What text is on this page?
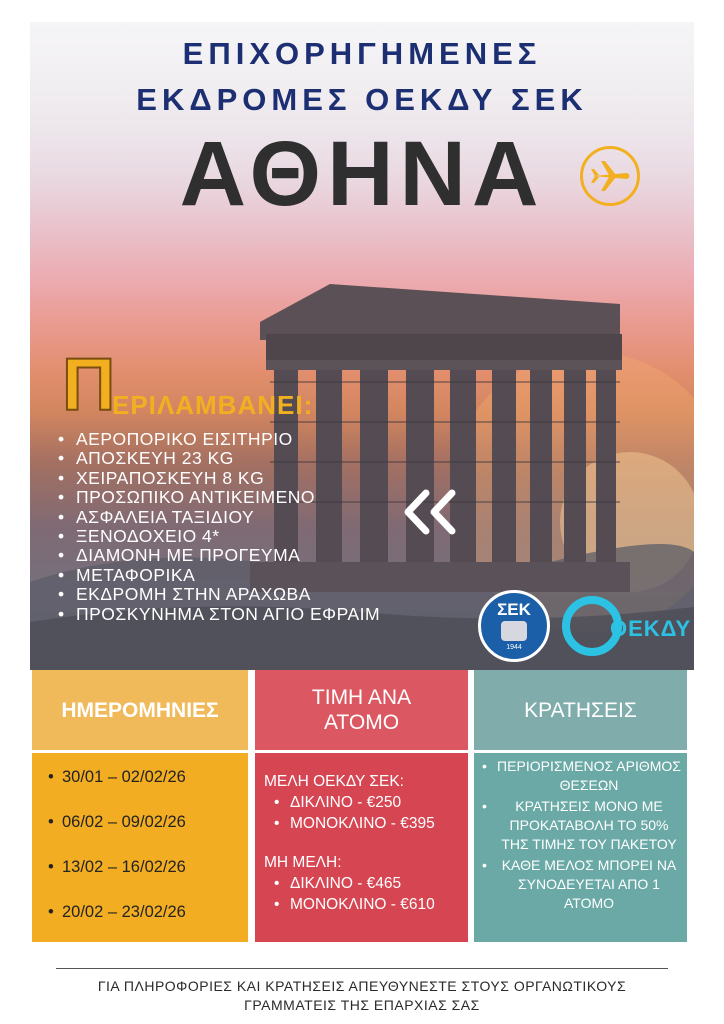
ΕΠΙΧΟΡΗΓΗΜΕΝΕΣ
ΕΚΔΡΟΜΕΣ ΟΕΚΔΥ ΣΕΚ
ΑΘΗΝΑ
Π
ΕΡΙΛΑΜΒΑΝΕΙ:
• ΑΕΡΟΠΟΡΙΚΟ ΕΙΣΙΤΗΡΙΟ
• ΑΠΟΣΚΕΥΗ 23 KG
• ΧΕΙΡΑΠΟΣΚΕΥΗ 8 KG
• ΠΡΟΣΩΠΙΚΟ ΑΝΤΙΚΕΙΜΕΝΟ
• ΑΣΦΑΛΕΙΑ ΤΑΞΙΔΙΟΥ
• ΞΕΝΟΔΟΧΕΙΟ 4*
• ΔΙΑΜΟΝΗ ΜΕ ΠΡΟΓΕΥΜΑ
• ΜΕΤΑΦΟΡΙΚΑ
• ΕΚΔΡΟΜΗ ΣΤΗΝ ΑΡΑΧΩΒΑ
• ΠΡΟΣΚΥΝΗΜΑ ΣΤΟΝ ΑΓΙΟ ΕΦΡΑΙΜ	ΣΕΚ
1944
ΟΕΚΔΥ
ΗΜΕΡΟΜΗΝΙΕΣ
ΤΙΜΗ ΑΝΑ
ΑΤΟΜΟ
ΚΡΑΤΗΣΕΙΣ
• 30/01 – 02/02/26
• 06/02 – 09/02/26
• 13/02 – 16/02/26
• 20/02 – 23/02/26
ΜΕΛΗ ΟΕΚΔΥ ΣΕΚ:
• ΔΙΚΛΙΝΟ - €250
• ΜΟΝΟΚΛΙΝΟ - €395
ΜΗ ΜΕΛΗ:
• ΔΙΚΛΙΝΟ - €465
• ΜΟΝΟΚΛΙΝΟ - €610
• ΠΕΡΙΟΡΙΣΜΕΝΟΣ ΑΡΙΘΜΟΣ ΘΕΣΕΩΝ
• ΚΡΑΤΗΣΕΙΣ ΜΟΝΟ ΜΕ ΠΡΟΚΑΤΑΒΟΛΗ ΤΟ 50% ΤΗΣ ΤΙΜΗΣ ΤΟΥ ΠΑΚΕΤΟΥ
• ΚΑΘΕ ΜΕΛΟΣ ΜΠΟΡΕΙ ΝΑ ΣΥΝΟΔΕΥΕΤΑΙ ΑΠΟ 1 ΑΤΟΜΟ
ΓΙΑ ΠΛΗΡΟΦΟΡΙΕΣ ΚΑΙ ΚΡΑΤΗΣΕΙΣ ΑΠΕΥΘΥΝΕΣΤΕ ΣΤΟΥΣ ΟΡΓΑΝΩΤΙΚΟΥΣ
ΓΡΑΜΜΑΤΕΙΣ ΤΗΣ ΕΠΑΡΧΙΑΣ ΣΑΣ
